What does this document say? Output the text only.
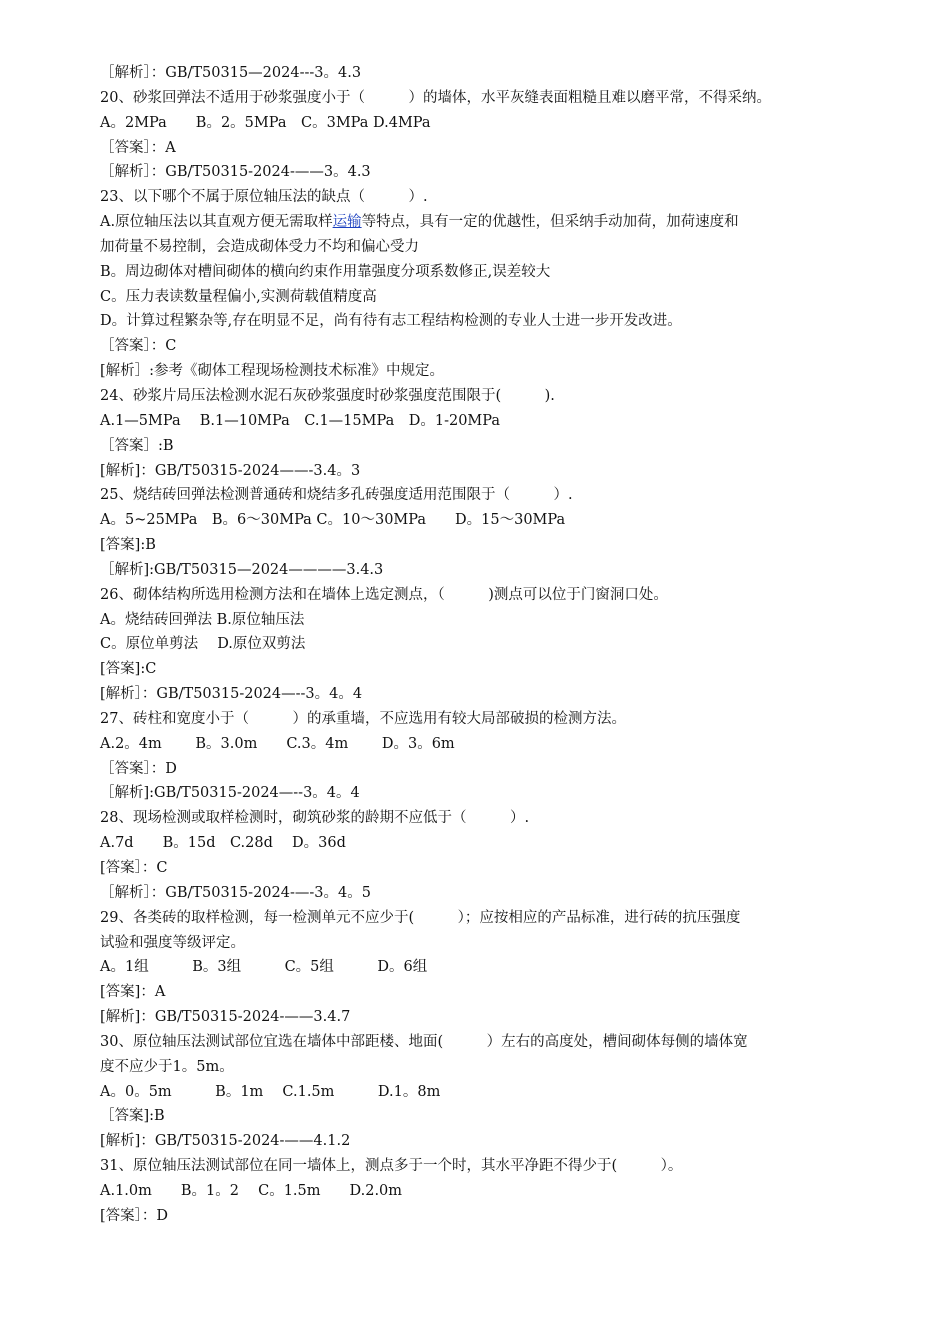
［解析］：GB/T50315—2024---3。4.3
20、砂浆回弹法不适用于砂浆强度小于（　　　）的墙体，水平灰缝表面粗糙且难以磨平常，不得采纳。
A。2MPa　　B。2。5MPa　C。3MPa D.4MPa
［答案］：A
［解析］：GB/T50315-2024-——3。4.3
23、以下哪个不属于原位轴压法的缺点（　　　）.
A.原位轴压法以其直观方便无需取样运输等特点，具有一定的优越性，但采纳手动加荷，加荷速度和
加荷量不易控制，会造成砌体受力不均和偏心受力
B。周边砌体对槽间砌体的横向约束作用靠强度分项系数修正,误差较大
C。压力表读数量程偏小,实测荷载值精度高
D。计算过程繁杂等,存在明显不足，尚有待有志工程结构检测的专业人士进一步开发改进。
［答案］：C
[解析］:参考《砌体工程现场检测技术标准》中规定。
24、砂浆片局压法检测水泥石灰砂浆强度时砂浆强度范围限于(　　　).
A.1—5MPa　 B.1—10MPa　C.1—15MPa　D。1-20MPa
［答案］:B
[解析]：GB/T50315-2024——-3.4。3
25、烧结砖回弹法检测普通砖和烧结多孔砖强度适用范围限于（　　　）.
A。5~25MPa　B。6～30MPa C。10～30MPa　　D。15～30MPa
[答案]:B
［解析]:GB/T50315—2024————3.4.3
26、砌体结构所选用检测方法和在墙体上选定测点，（　　　)测点可以位于门窗洞口处。
A。烧结砖回弹法 B.原位轴压法
C。原位单剪法　 D.原位双剪法
[答案]:C
[解析］：GB/T50315-2024—--3。4。4
27、砖柱和宽度小于（　　　）的承重墙，不应选用有较大局部破损的检测方法。
A.2。4m　　 B。3.0m　　C.3。4m　　 D。3。6m
［答案］：D
［解析]:GB/T50315-2024—--3。4。4
28、现场检测或取样检测时，砌筑砂浆的龄期不应低于（　　　）.
A.7d　　B。15d　C.28d　 D。36d
[答案］：C
［解析］：GB/T50315-2024-—-3。4。5
29、各类砖的取样检测，每一检测单元不应少于(　　　）；应按相应的产品标准，进行砖的抗压强度
试验和强度等级评定。
A。1组　　　B。3组　　　C。5组　　　D。6组
[答案]：A
[解析]：GB/T50315-2024-——3.4.7
30、原位轴压法测试部位宜选在墙体中部距楼、地面(　　　）左右的高度处，槽间砌体每侧的墙体宽
度不应少于1。5m。
A。0。5m　　　B。1m　 C.1.5m　　　D.1。8m
［答案]:B
[解析]：GB/T50315-2024-——4.1.2
31、原位轴压法测试部位在同一墙体上，测点多于一个时，其水平净距不得少于(　　　）。
A.1.0m　　B。1。2　 C。1.5m　　D.2.0m
[答案］：D
